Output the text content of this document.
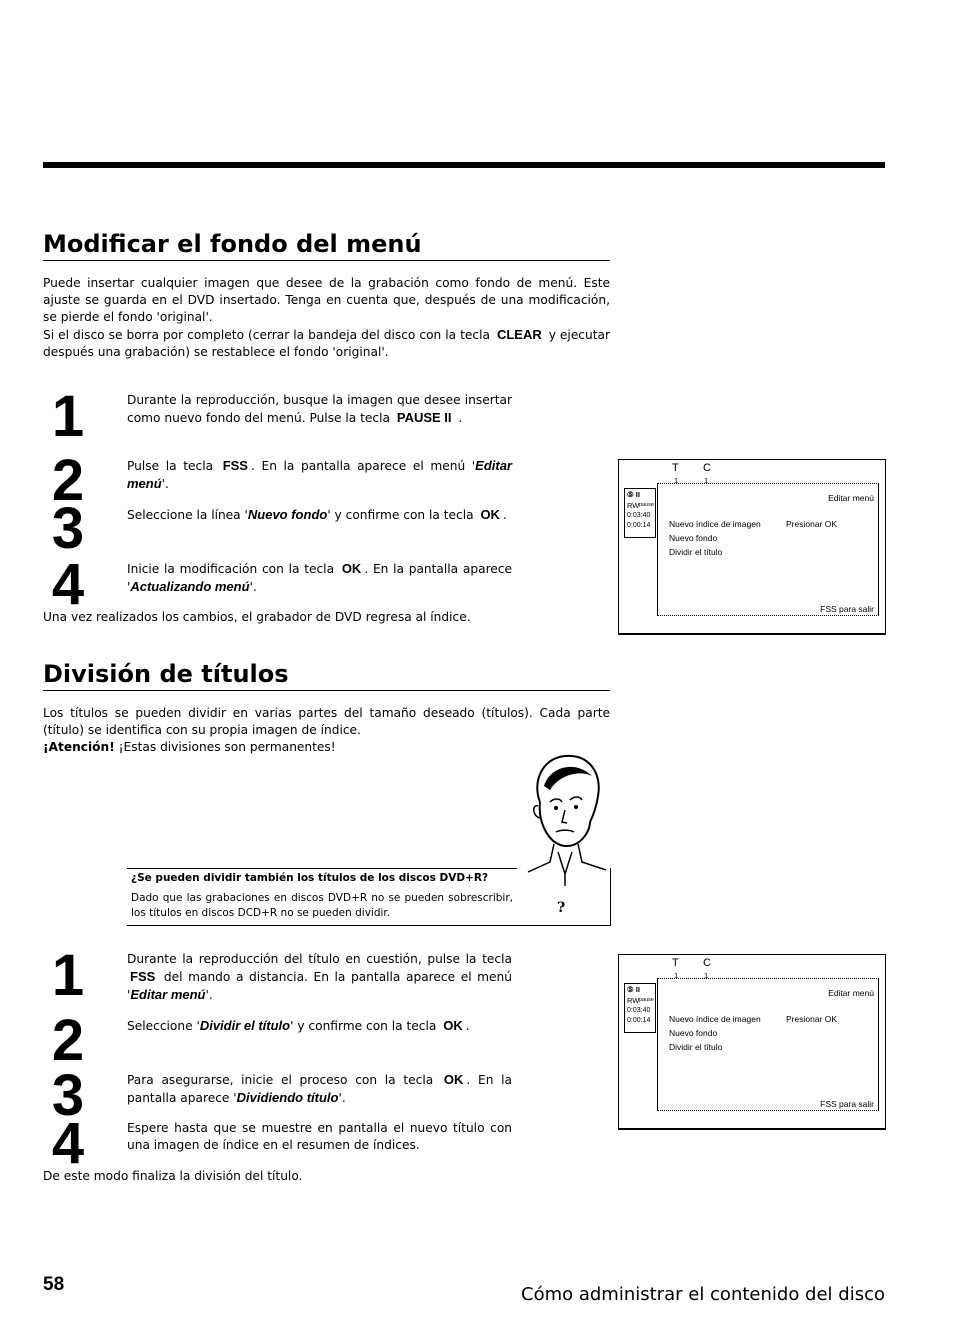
Modificar el fondo del menú

Puede insertar cualquier imagen que desee de la grabación como fondo de menú. Este ajuste se guarda en el DVD insertado. Tenga en cuenta que, después de una modificación, se pierde el fondo 'original'.
Si el disco se borra por completo (cerrar la bandeja del disco con la tecla CLEAR y ejecutar después una grabación) se restablece el fondo 'original'.

1	Durante la reproducción, busque la imagen que desee insertar como nuevo fondo del menú. Pulse la tecla PAUSE II .

2	Pulse la tecla FSS . En la pantalla aparece el menú 'Editar menú'.

3	Seleccione la línea 'Nuevo fondo' y confirme con la tecla OK .

4	Inicie la modificación con la tecla OK . En la pantalla aparece 'Actualizando menú'.

Una vez realizados los cambios, el grabador de DVD regresa al índice.

T C
1	1
⑤ II
RW pause
0:03:40
0:00:14
Editar menú
Nuevo índice de imagen	Presionar OK
Nuevo fondo
Dividir el título
FSS para salir
División de títulos

Los títulos se pueden dividir en varias partes del tamaño deseado (títulos). Cada parte (título) se identifica con su propia imagen de índice.
¡Atención! ¡Estas divisiones son permanentes!

¿Se pueden dividir también los títulos de los discos DVD+R?
Dado que las grabaciones en discos DVD+R no se pueden sobrescribir, los títulos en discos DCD+R no se pueden dividir.	?
1	Durante la reproducción del título en cuestión, pulse la tecla FSS del mando a distancia. En la pantalla aparece el menú 'Editar menú'.

2	Seleccione 'Dividir el título' y confirme con la tecla OK .

3	Para asegurarse, inicie el proceso con la tecla OK . En la pantalla aparece 'Dividiendo título'.

4	Espere hasta que se muestre en pantalla el nuevo título con una imagen de índice en el resumen de índices.

De este modo finaliza la división del título.

T C
1	1
⑤ II
RW pause
0:03:40
0:00:14
Editar menú
Nuevo índice de imagen	Presionar OK
Nuevo fondo
Dividir el título
FSS para salir
58	Cómo administrar el contenido del disco
